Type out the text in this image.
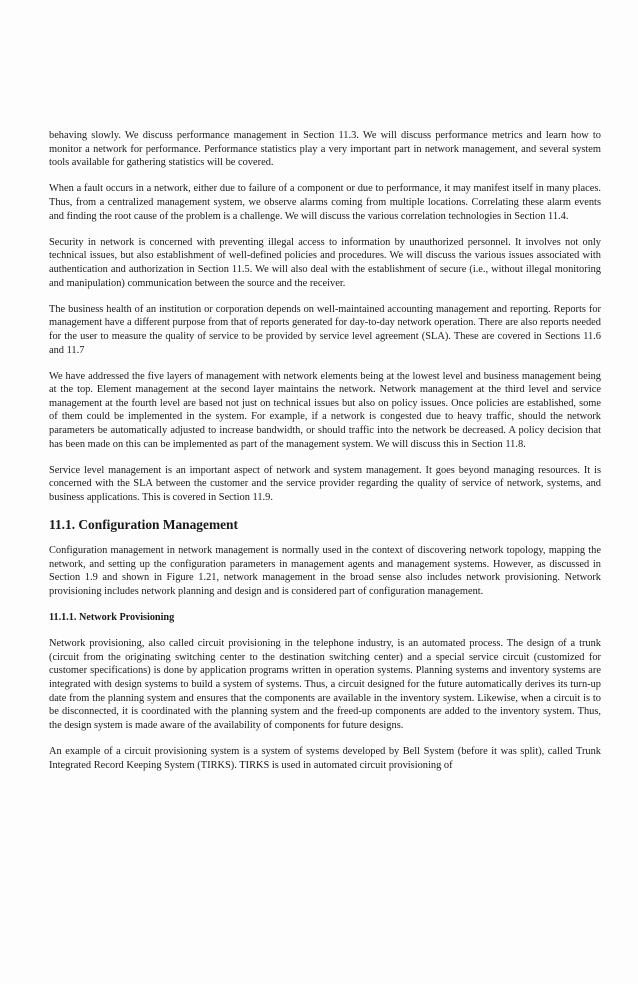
behaving slowly. We discuss performance management in Section 11.3. We will discuss performance metrics and learn how to monitor a network for performance. Performance statistics play a very important part in network management, and several system tools available for gathering statistics will be covered.

When a fault occurs in a network, either due to failure of a component or due to performance, it may manifest itself in many places. Thus, from a centralized management system, we observe alarms coming from multiple locations. Correlating these alarm events and finding the root cause of the problem is a challenge. We will discuss the various correlation technologies in Section 11.4.

Security in network is concerned with preventing illegal access to information by unauthorized personnel. It involves not only technical issues, but also establishment of well-defined policies and procedures. We will discuss the various issues associated with authentication and authorization in Section 11.5. We will also deal with the establishment of secure (i.e., without illegal monitoring and manipulation) communication between the source and the receiver.

The business health of an institution or corporation depends on well-maintained accounting management and reporting. Reports for management have a different purpose from that of reports generated for day-to-day network operation. There are also reports needed for the user to measure the quality of service to be provided by service level agreement (SLA). These are covered in Sections 11.6 and 11.7

We have addressed the five layers of management with network elements being at the lowest level and business management being at the top. Element management at the second layer maintains the network. Network management at the third level and service management at the fourth level are based not just on technical issues but also on policy issues. Once policies are established, some of them could be implemented in the system. For example, if a network is congested due to heavy traffic, should the network parameters be automatically adjusted to increase bandwidth, or should traffic into the network be decreased. A policy decision that has been made on this can be implemented as part of the management system. We will discuss this in Section 11.8.

Service level management is an important aspect of network and system management. It goes beyond managing resources. It is concerned with the SLA between the customer and the service provider regarding the quality of service of network, systems, and business applications. This is covered in Section 11.9.

11.1. Configuration Management

Configuration management in network management is normally used in the context of discovering network topology, mapping the network, and setting up the configuration parameters in management agents and management systems. However, as discussed in Section 1.9 and shown in Figure 1.21, network management in the broad sense also includes network provisioning. Network provisioning includes network planning and design and is considered part of configuration management.

11.1.1. Network Provisioning

Network provisioning, also called circuit provisioning in the telephone industry, is an automated process. The design of a trunk (circuit from the originating switching center to the destination switching center) and a special service circuit (customized for customer specifications) is done by application programs written in operation systems. Planning systems and inventory systems are integrated with design systems to build a system of systems. Thus, a circuit designed for the future automatically derives its turn-up date from the planning system and ensures that the components are available in the inventory system. Likewise, when a circuit is to be disconnected, it is coordinated with the planning system and the freed-up components are added to the inventory system. Thus, the design system is made aware of the availability of components for future designs.

An example of a circuit provisioning system is a system of systems developed by Bell System (before it was split), called Trunk Integrated Record Keeping System (TIRKS). TIRKS is used in automated circuit provisioning of
